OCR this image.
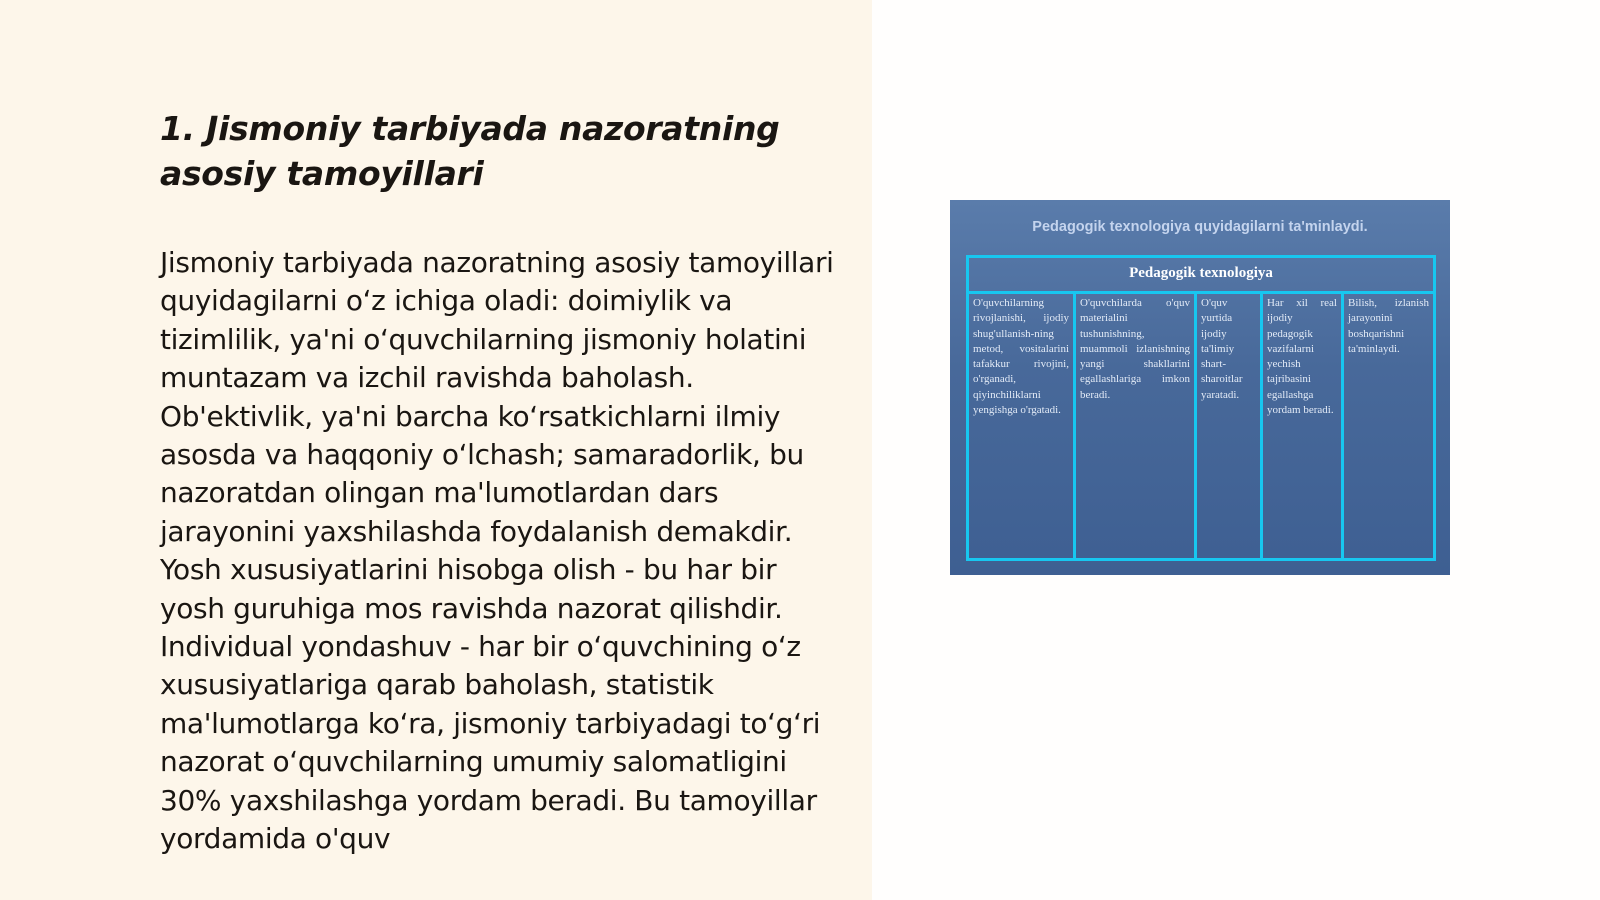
1. Jismoniy tarbiyada nazoratning asosiy tamoyillari

Jismoniy tarbiyada nazoratning asosiy tamoyillari quyidagilarni oʻz ichiga oladi: doimiylik va tizimlilik, ya'ni oʻquvchilarning jismoniy holatini muntazam va izchil ravishda baholash. Ob'ektivlik, ya'ni barcha koʻrsatkichlarni ilmiy asosda va haqqoniy oʻlchash; samaradorlik, bu nazoratdan olingan ma'lumotlardan dars jarayonini yaxshilashda foydalanish demakdir. Yosh xususiyatlarini hisobga olish - bu har bir yosh guruhiga mos ravishda nazorat qilishdir. Individual yondashuv - har bir oʻquvchining oʻz xususiyatlariga qarab baholash, statistik ma'lumotlarga koʻra, jismoniy tarbiyadagi toʻgʻri nazorat oʻquvchilarning umumiy salomatligini 30% yaxshilashga yordam beradi. Bu tamoyillar yordamida o'quv

Pedagogik texnologiya quyidagilarni ta'minlaydi.
Pedagogik texnologiya
O'quvchilarning rivojlanishi, ijodiy shug'ullanish-ning metod, vositalarini tafakkur rivojini, o'rganadi, qiyinchiliklarni yengishga o'rgatadi.
O'quvchilarda o'quv materialini tushunishning, muammoli izlanishning yangi shakllarini egallashlariga imkon beradi.
O'quv yurtida ijodiy ta'limiy shart-sharoitlar yaratadi.
Har xil real ijodiy pedagogik vazifalarni yechish tajribasini egallashga yordam beradi.
Bilish, izlanish jarayonini boshqarishni ta'minlaydi.
